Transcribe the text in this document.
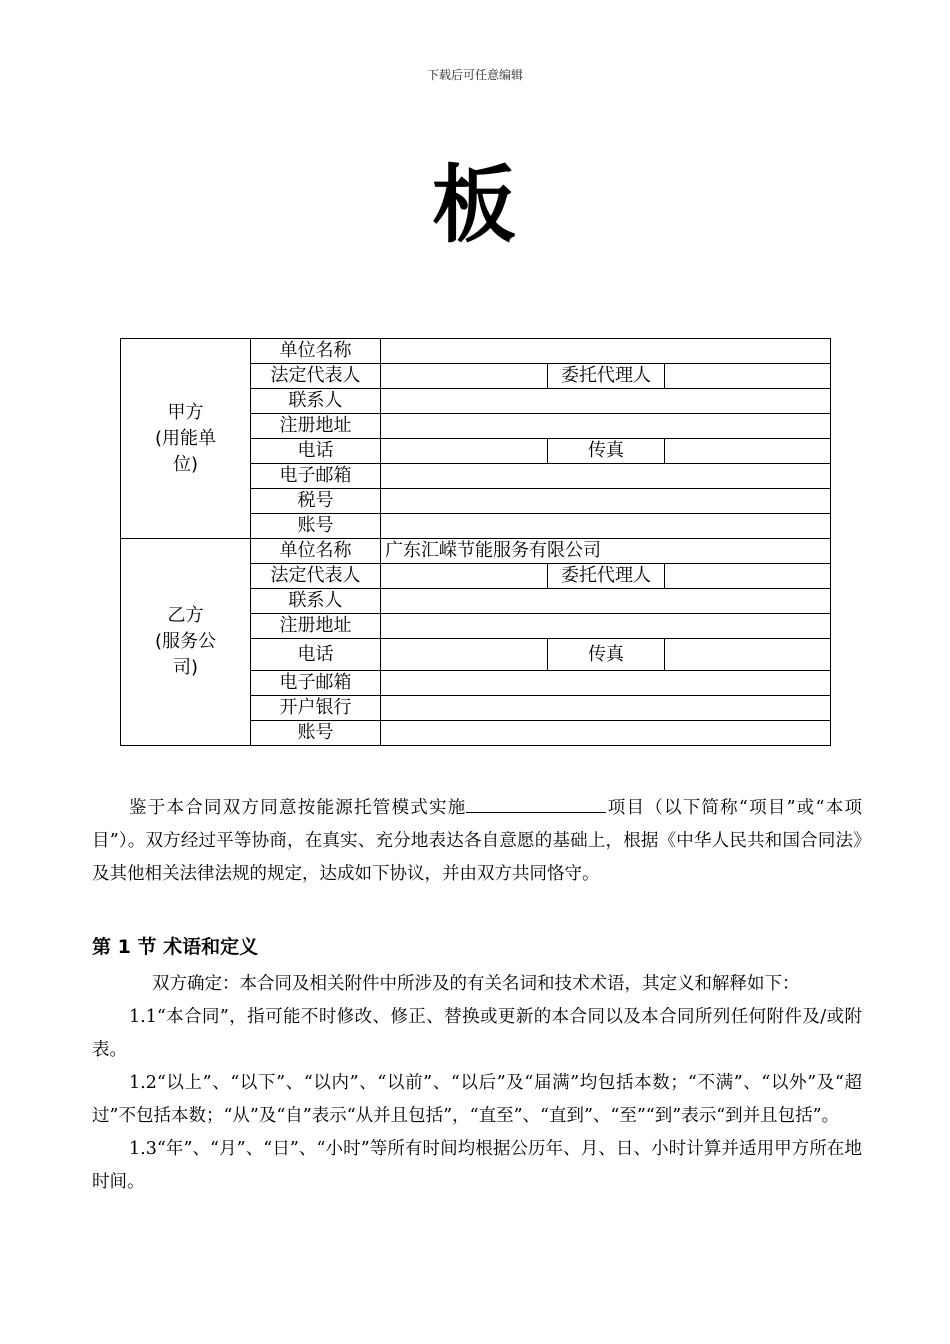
下载后可任意编辑
板
甲方
(用能单
位)	单位名称			
	法定代表人		委托代理人	
	联系人			
	注册地址			
	电话		传真	
	电子邮箱			
	税号			
	账号			
乙方
(服务公
司)	单位名称	广东汇嵘节能服务有限公司		
	法定代表人		委托代理人	
	联系人			
	注册地址			
	电话		传真	
	电子邮箱			
	开户银行			
	账号			
鉴于本合同双方同意按能源托管模式实施	项目（以下简称“项目”或“本项目”）。双方经过平等协商，在真实、充分地表达各自意愿的基础上，根据《中华人民共和国合同法》及其他相关法律法规的规定，达成如下协议，并由双方共同恪守。
第 1 节 术语和定义

双方确定：本合同及相关附件中所涉及的有关名词和技术术语，其定义和解释如下：

1.1“本合同”，指可能不时修改、修正、替换或更新的本合同以及本合同所列任何附件及/或附表。

1.2“以上”、“以下”、“以内”、“以前”、“以后”及“届满”均包括本数；“不满”、“以外”及“超过”不包括本数；“从”及“自”表示“从并且包括”，“直至”、“直到”、“至”“到”表示“到并且包括”。

1.3“年”、“月”、“日”、“小时”等所有时间均根据公历年、月、日、小时计算并适用甲方所在地时间。
